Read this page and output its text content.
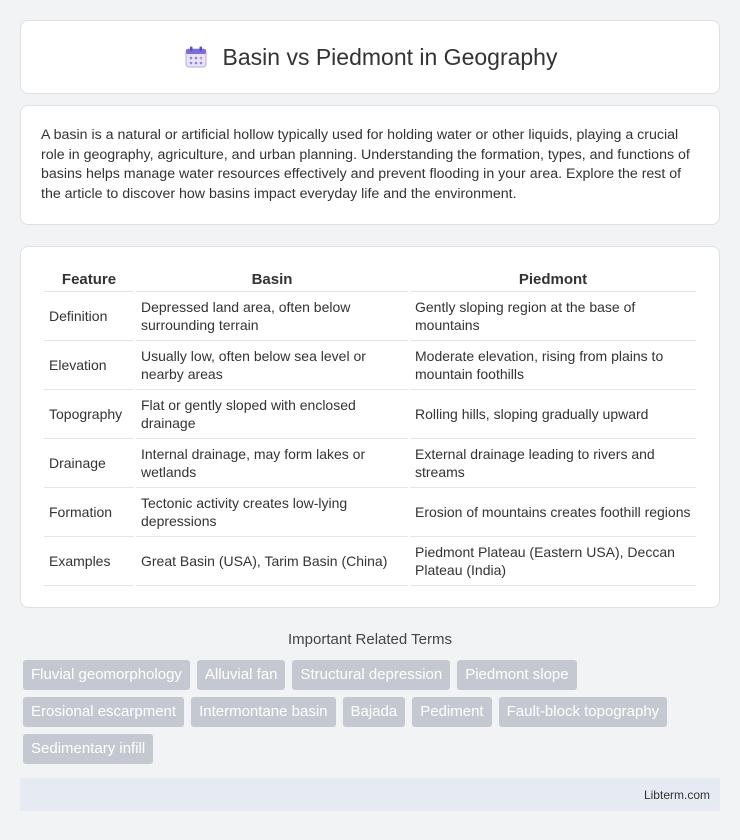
Basin vs Piedmont in Geography

A basin is a natural or artificial hollow typically used for holding water or other liquids, playing a crucial role in geography, agriculture, and urban planning. Understanding the formation, types, and functions of basins helps manage water resources effectively and prevent flooding in your area. Explore the rest of the article to discover how basins impact everyday life and the environment.

Feature	Basin	Piedmont
Definition	Depressed land area, often below surrounding terrain	Gently sloping region at the base of mountains
Elevation	Usually low, often below sea level or nearby areas	Moderate elevation, rising from plains to mountain foothills
Topography	Flat or gently sloped with enclosed drainage	Rolling hills, sloping gradually upward
Drainage	Internal drainage, may form lakes or wetlands	External drainage leading to rivers and streams
Formation	Tectonic activity creates low-lying depressions	Erosion of mountains creates foothill regions
Examples	Great Basin (USA), Tarim Basin (China)	Piedmont Plateau (Eastern USA), Deccan Plateau (India)
Important Related Terms
Fluvial geomorphology	Alluvial fan	Structural depression	Piedmont slope
Erosional escarpment	Intermontane basin	Bajada	Pediment	Fault-block topography
Sedimentary infill
Libterm.com
